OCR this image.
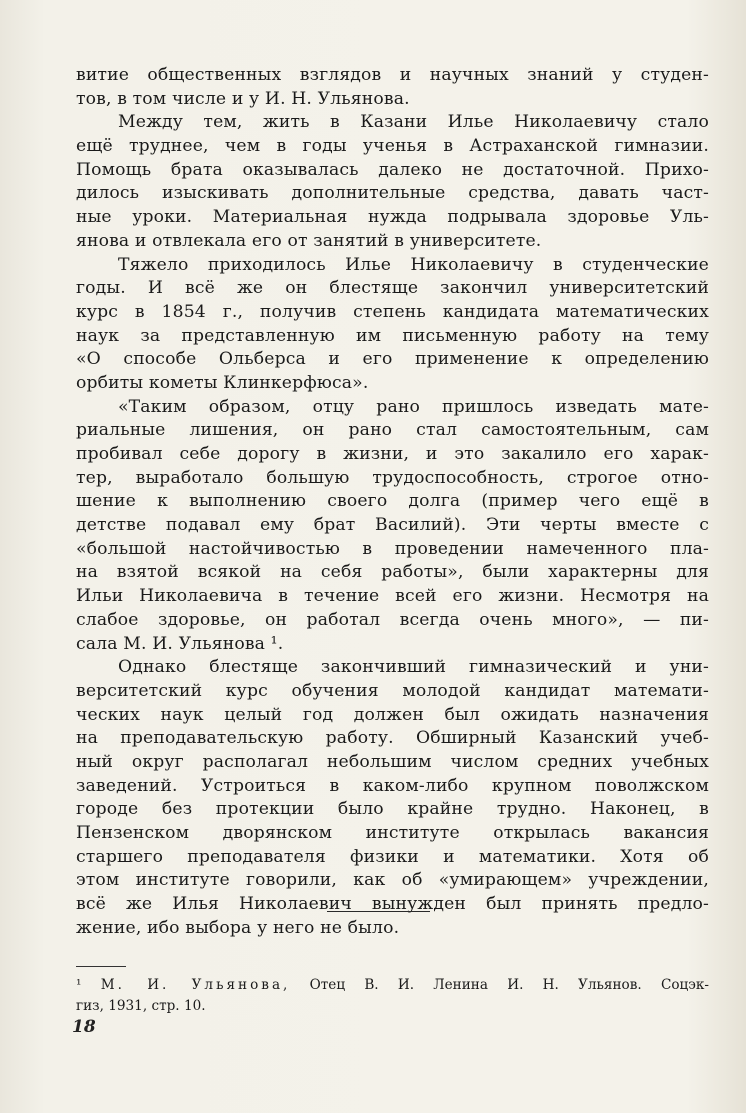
витие общественных взглядов и научных знаний у студен-
тов, в том числе и у И. Н. Ульянова.
Между тем, жить в Казани Илье Николаевичу стало
ещё труднее, чем в годы ученья в Астраханской гимназии.
Помощь брата оказывалась далеко не достаточной. Прихо-
дилось изыскивать дополнительные средства, давать част-
ные уроки. Материальная нужда подрывала здоровье Уль-
янова и отвлекала его от занятий в университете.
Тяжело приходилось Илье Николаевичу в студенческие
годы. И всё же он блестяще закончил университетский
курс в 1854 г., получив степень кандидата математических
наук за представленную им письменную работу на тему
«О способе Ольберса и его применение к определению
орбиты кометы Клинкерфюса».
«Таким образом, отцу рано пришлось изведать мате-
риальные лишения, он рано стал самостоятельным, сам
пробивал себе дорогу в жизни, и это закалило его харак-
тер, выработало большую трудоспособность, строгое отно-
шение к выполнению своего долга (пример чего ещё в
детстве подавал ему брат Василий). Эти черты вместе с
«большой настойчивостью в проведении намеченного пла-
на взятой всякой на себя работы», были характерны для
Ильи Николаевича в течение всей его жизни. Несмотря на
слабое здоровье, он работал всегда очень много», — пи-
сала М. И. Ульянова ¹.
Однако блестяще закончивший гимназический и уни-
верситетский курс обучения молодой кандидат математи-
ческих наук целый год должен был ожидать назначения
на преподавательскую работу. Обширный Казанский учеб-
ный округ располагал небольшим числом средних учебных
заведений. Устроиться в каком-либо крупном поволжском
городе без протекции было крайне трудно. Наконец, в
Пензенском дворянском институте открылась вакансия
старшего преподавателя физики и математики. Хотя об
этом институте говорили, как об «умирающем» учреждении,
всё же Илья Николаевич вынужден был принять предло-
жение, ибо выбора у него не было.
¹ М. И. Ульянова, Отец В. И. Ленина И. Н. Ульянов. Соцэк-
гиз, 1931, стр. 10.
18
